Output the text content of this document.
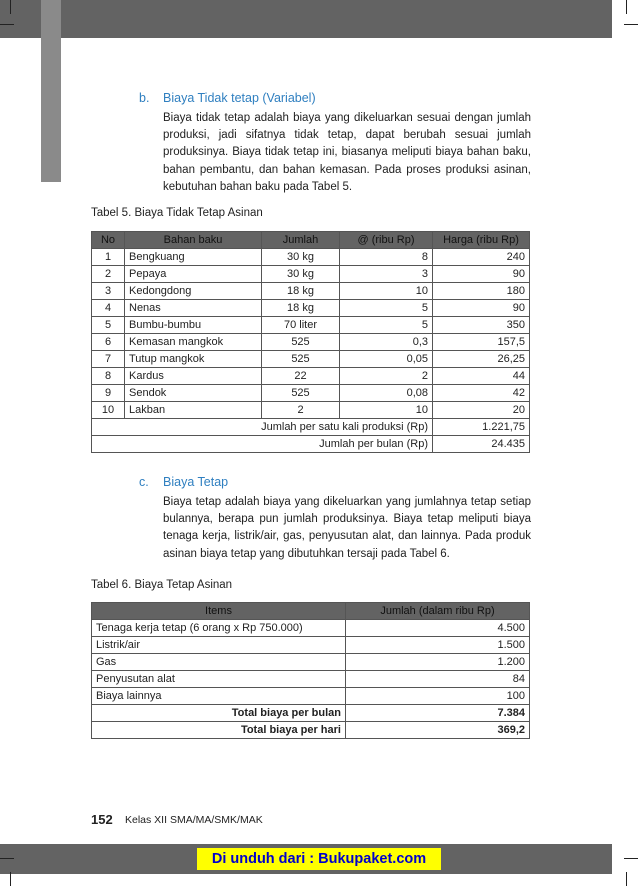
b. Biaya Tidak tetap (Variabel)
Biaya tidak tetap adalah biaya yang dikeluarkan sesuai dengan jumlah produksi, jadi sifatnya tidak tetap, dapat berubah sesuai jumlah produksinya. Biaya tidak tetap ini, biasanya meliputi biaya bahan baku, bahan pembantu, dan bahan kemasan. Pada proses produksi asinan, kebutuhan bahan baku pada Tabel 5.
Tabel 5. Biaya Tidak Tetap Asinan
No	Bahan baku	Jumlah	@ (ribu Rp)	Harga (ribu Rp)
1	Bengkuang	30 kg	8	240
2	Pepaya	30 kg	3	90
3	Kedongdong	18 kg	10	180
4	Nenas	18 kg	5	90
5	Bumbu-bumbu	70 liter	5	350
6	Kemasan mangkok	525	0,3	157,5
7	Tutup mangkok	525	0,05	26,25
8	Kardus	22	2	44
9	Sendok	525	0,08	42
10	Lakban	2	10	20
Jumlah per satu kali produksi (Rp)				1.221,75
Jumlah per bulan (Rp)				24.435
c. Biaya Tetap
Biaya tetap adalah biaya yang dikeluarkan yang jumlahnya tetap setiap bulannya, berapa pun jumlah produksinya. Biaya tetap meliputi biaya tenaga kerja, listrik/air, gas, penyusutan alat, dan lainnya. Pada produk asinan biaya tetap yang dibutuhkan tersaji pada Tabel 6.
Tabel 6. Biaya Tetap Asinan
Items	Jumlah (dalam ribu Rp)
Tenaga kerja tetap (6 orang x Rp 750.000)	4.500
Listrik/air	1.500
Gas	1.200
Penyusutan alat	84
Biaya lainnya	100
Total biaya per bulan	7.384
Total biaya per hari	369,2
152 Kelas XII SMA/MA/SMK/MAK
Di unduh dari : Bukupaket.com
